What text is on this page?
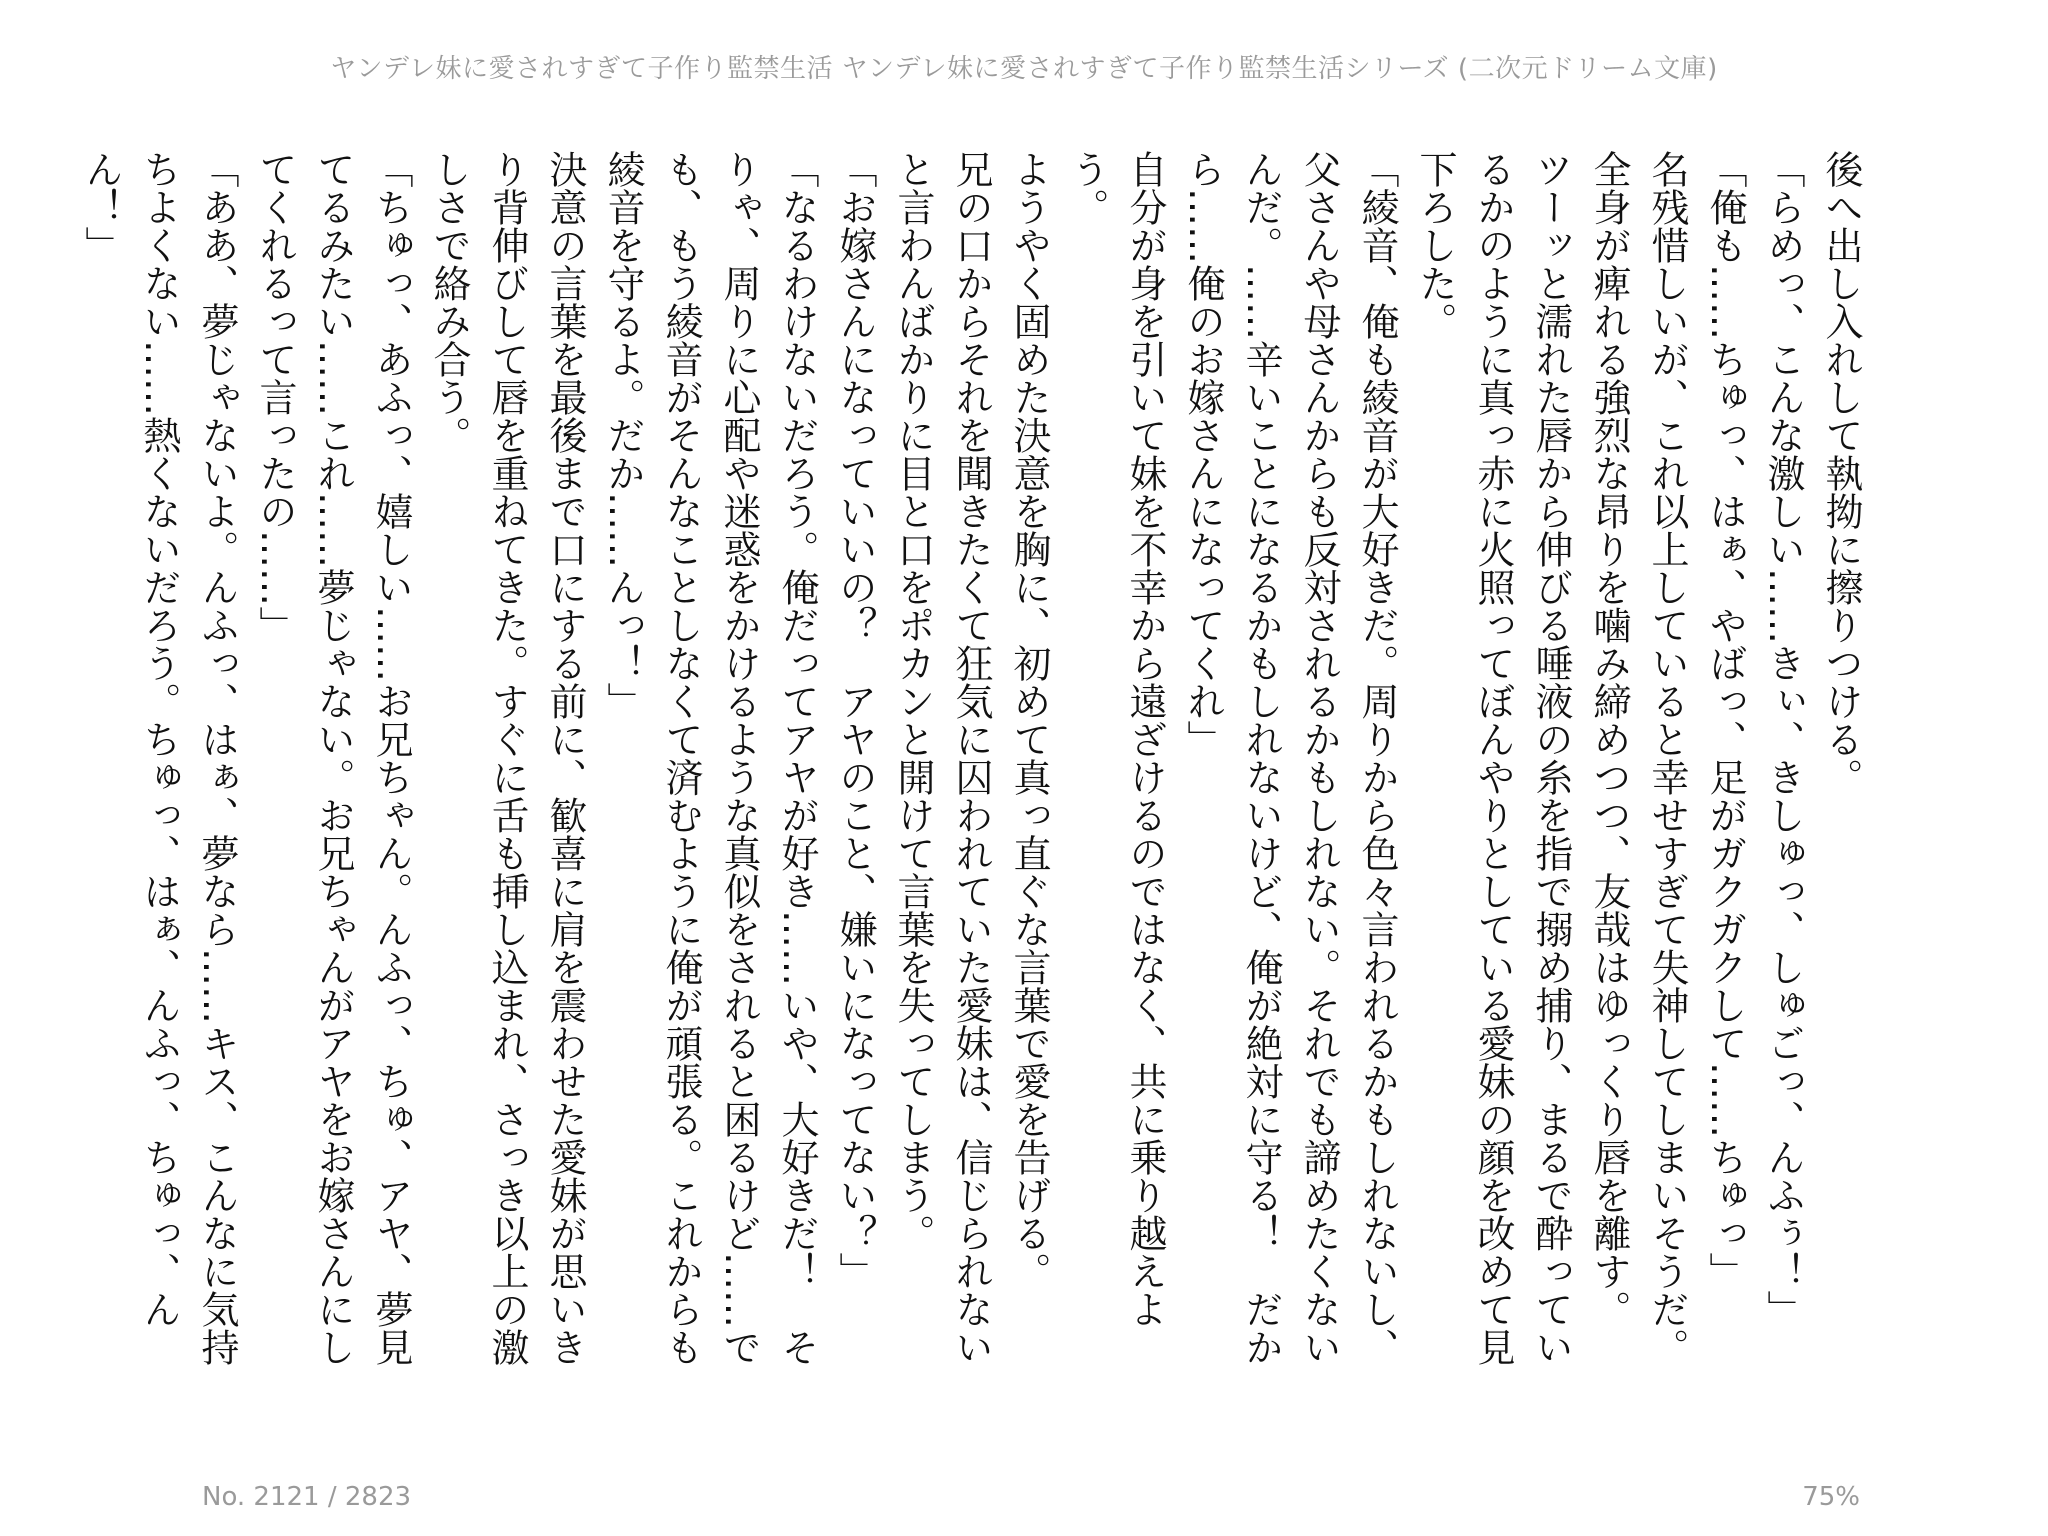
ヤンデレ妹に愛されすぎて子作り監禁生活 ヤンデレ妹に愛されすぎて子作り監禁生活シリーズ (二次元ドリーム文庫)

後へ出し入れして執拗に擦りつける。

「らめっ、こんな激しい……きぃ、きしゅっ、しゅごっ、んふぅ！」

「俺も……ちゅっ、はぁ、やばっ、足がガクガクして……ちゅっ」

名残惜しいが、これ以上していると幸せすぎて失神してしまいそうだ。

全身が痺れる強烈な昂りを噛み締めつつ、友哉はゆっくり唇を離す。

ツーッと濡れた唇から伸びる唾液の糸を指で搦め捕り、まるで酔っているかのように真っ赤に火照ってぼんやりとしている愛妹の顔を改めて見下ろした。

「綾音、俺も綾音が大好きだ。周りから色々言われるかもしれないし、父さんや母さんからも反対されるかもしれない。それでも諦めたくないんだ。……辛いことになるかもしれないけど、俺が絶対に守る！　だから……俺のお嫁さんになってくれ」

自分が身を引いて妹を不幸から遠ざけるのではなく、共に乗り越えよう。

ようやく固めた決意を胸に、初めて真っ直ぐな言葉で愛を告げる。

兄の口からそれを聞きたくて狂気に囚われていた愛妹は、信じられないと言わんばかりに目と口をポカンと開けて言葉を失ってしまう。

「お嫁さんになっていいの？　アヤのこと、嫌いになってない？」

「なるわけないだろう。俺だってアヤが好き……いや、大好きだ！　そりゃ、周りに心配や迷惑をかけるような真似をされると困るけど……でも、もう綾音がそんなことしなくて済むように俺が頑張る。これからも綾音を守るよ。だか……んっ！」

決意の言葉を最後まで口にする前に、歓喜に肩を震わせた愛妹が思いきり背伸びして唇を重ねてきた。すぐに舌も挿し込まれ、さっき以上の激しさで絡み合う。

「ちゅっ、あふっ、嬉しい……お兄ちゃん。んふっ、ちゅ、アヤ、夢見てるみたい……これ……夢じゃない。お兄ちゃんがアヤをお嫁さんにしてくれるって言ったの……」

「ああ、夢じゃないよ。んふっ、はぁ、夢なら……キス、こんなに気持ちよくない……熱くないだろう。ちゅっ、はぁ、んふっ、ちゅっ、んん！」

No. 2121 / 2823	75%
